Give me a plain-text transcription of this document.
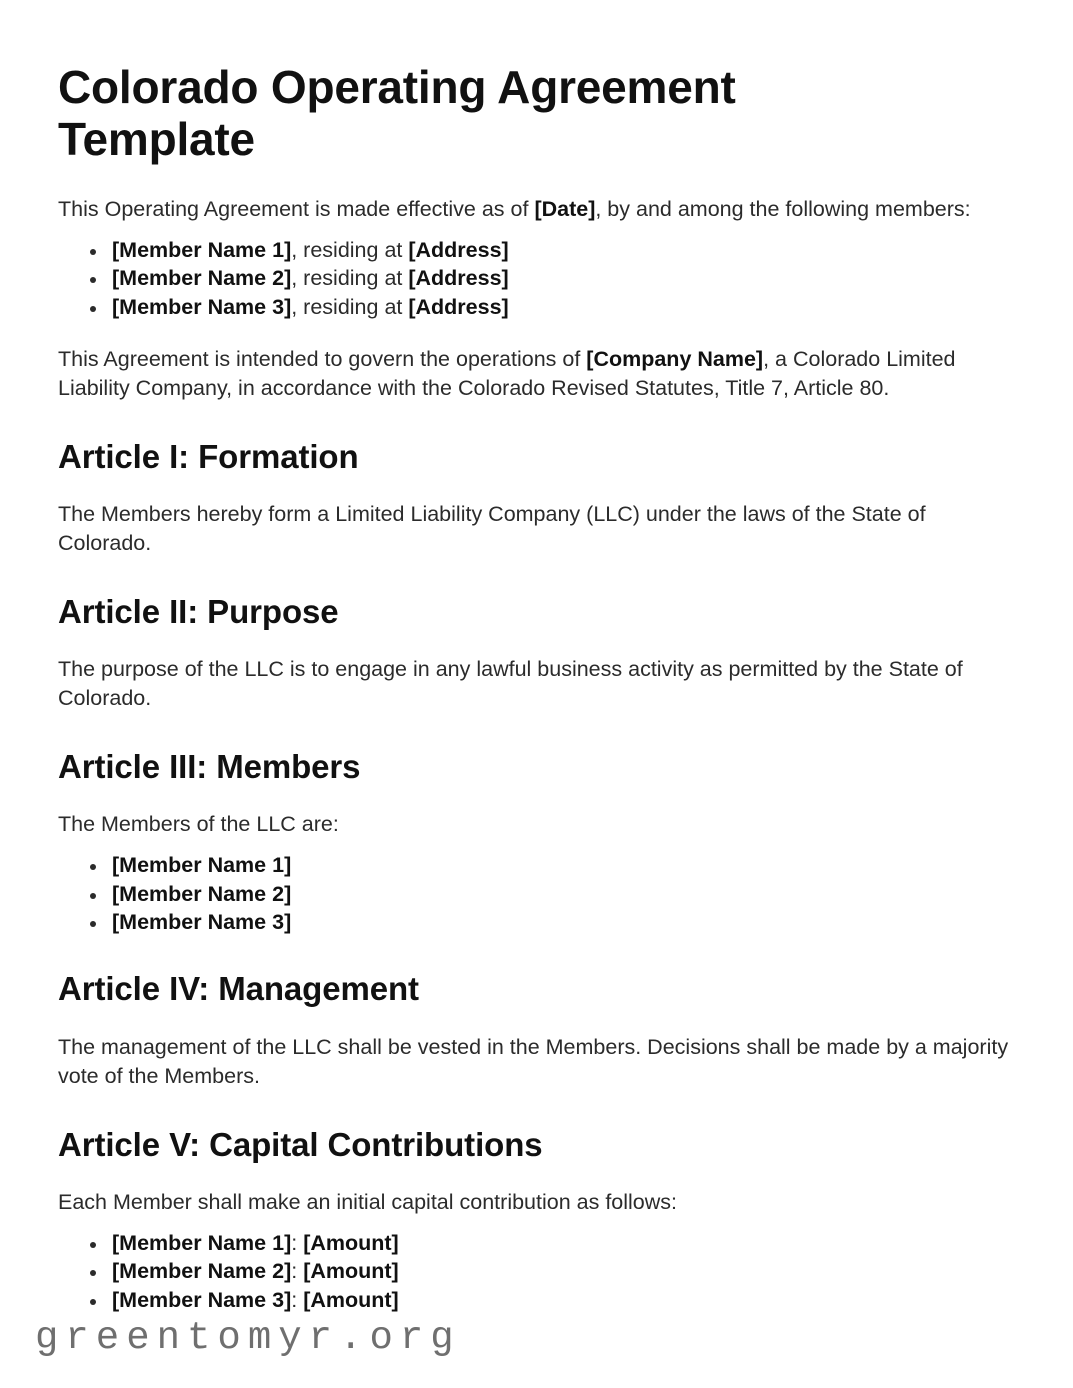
Colorado Operating Agreement Template

This Operating Agreement is made effective as of [Date], by and among the following members:

[Member Name 1], residing at [Address]
[Member Name 2], residing at [Address]
[Member Name 3], residing at [Address]

This Agreement is intended to govern the operations of [Company Name], a Colorado Limited Liability Company, in accordance with the Colorado Revised Statutes, Title 7, Article 80.

Article I: Formation

The Members hereby form a Limited Liability Company (LLC) under the laws of the State of Colorado.

Article II: Purpose

The purpose of the LLC is to engage in any lawful business activity as permitted by the State of Colorado.

Article III: Members

The Members of the LLC are:

[Member Name 1]
[Member Name 2]
[Member Name 3]
Article IV: Management

The management of the LLC shall be vested in the Members. Decisions shall be made by a majority vote of the Members.

Article V: Capital Contributions

Each Member shall make an initial capital contribution as follows:

[Member Name 1]: [Amount]
[Member Name 2]: [Amount]
[Member Name 3]: [Amount]
greentomyr.org
